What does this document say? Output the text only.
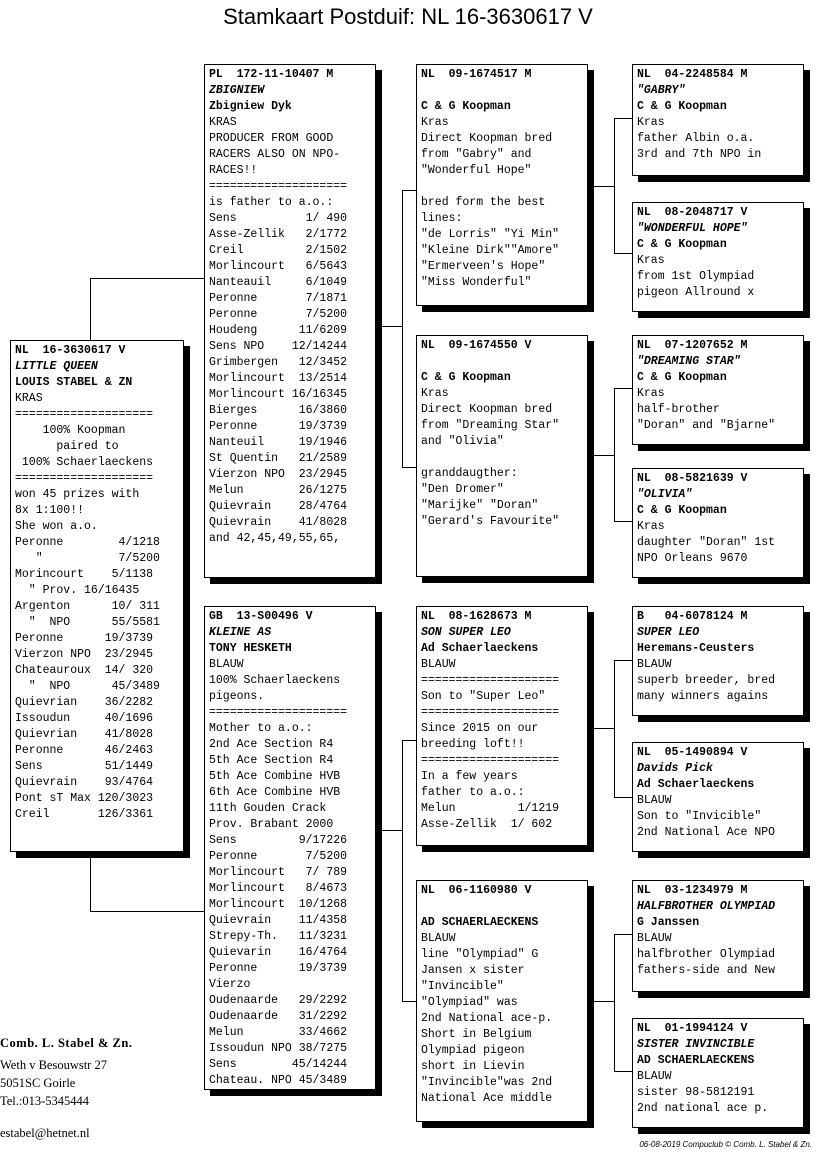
Stamkaart Postduif: NL 16-3630617 V
NL  16-3630617 V
LITTLE QUEEN
LOUIS STABEL & ZN
KRAS
====================
100% Koopman
paired to
100% Schaerlaeckens
====================
won 45 prizes with
8x 1:100!!
She won a.o.
Peronne        4/1218
"           7/5200
Morincourt    5/1138
" Prov. 16/16435
Argenton      10/ 311
"  NPO      55/5581
Peronne      19/3739
Vierzon NPO  23/2945
Chateauroux  14/ 320
"  NPO      45/3489
Quievrian    36/2282
Issoudun     40/1696
Quievrian    41/8028
Peronne      46/2463
Sens         51/1449
Quievrain    93/4764
Pont sT Max 120/3023
Creil       126/3361
PL  172-11-10407 M
ZBIGNIEW
Zbigniew Dyk
KRAS
PRODUCER FROM GOOD
RACERS ALSO ON NPO-
RACES!!
====================
is father to a.o.:
Sens          1/ 490
Asse-Zellik   2/1772
Creil         2/1502
Morlincourt   6/5643
Nanteauil     6/1049
Peronne       7/1871
Peronne       7/5200
Houdeng      11/6209
Sens NPO    12/14244
Grimbergen   12/3452
Morlincourt  13/2514
Morlincourt 16/16345
Bierges      16/3860
Peronne      19/3739
Nanteuil     19/1946
St Quentin   21/2589
Vierzon NPO  23/2945
Melun        26/1275
Quievrain    28/4764
Quievrain    41/8028
and 42,45,49,55,65,
GB  13-S00496 V
KLEINE AS
TONY HESKETH
BLAUW
100% Schaerlaeckens
pigeons.
====================
Mother to a.o.:
2nd Ace Section R4
5th Ace Section R4
5th Ace Combine HVB
6th Ace Combine HVB
11th Gouden Crack
Prov. Brabant 2000
Sens         9/17226
Peronne       7/5200
Morlincourt   7/ 789
Morlincourt   8/4673
Morlincourt  10/1268
Quievrain    11/4358
Strepy-Th.   11/3231
Quievarin    16/4764
Peronne      19/3739
Vierzo
Oudenaarde   29/2292
Oudenaarde   31/2292
Melun        33/4662
Issoudun NPO 38/7275
Sens        45/14244
Chateau. NPO 45/3489
NL  09-1674517 M
C & G Koopman
Kras
Direct Koopman bred
from "Gabry" and
"Wonderful Hope"
bred form the best
lines:
"de Lorris" "Yi Min"
"Kleine Dirk""Amore"
"Ermerveen's Hope"
"Miss Wonderful"
NL  09-1674550 V
C & G Koopman
Kras
Direct Koopman bred
from "Dreaming Star"
and "Olivia"
granddaugther:
"Den Dromer"
"Marijke" "Doran"
"Gerard's Favourite"
NL  08-1628673 M
SON SUPER LEO
Ad Schaerlaeckens
BLAUW
====================
Son to "Super Leo"
====================
Since 2015 on our
breeding loft!!
====================
In a few years
father to a.o.:
Melun         1/1219
Asse-Zellik  1/ 602
NL  06-1160980 V
AD SCHAERLAECKENS
BLAUW
line "Olympiad" G
Jansen x sister
"Invincible"
"Olympiad" was
2nd National ace-p.
Short in Belgium
Olympiad pigeon
short in Lievin
"Invincible"was 2nd
National Ace middle
NL  04-2248584 M
"GABRY"
C & G Koopman
Kras
father Albin o.a.
3rd and 7th NPO in
NL  08-2048717 V
"WONDERFUL HOPE"
C & G Koopman
Kras
from 1st Olympiad
pigeon Allround x
NL  07-1207652 M
"DREAMING STAR"
C & G Koopman
Kras
half-brother
"Doran" and "Bjarne"
NL  08-5821639 V
"OLIVIA"
C & G Koopman
Kras
daughter "Doran" 1st
NPO Orleans 9670
B   04-6078124 M
SUPER LEO
Heremans-Ceusters
BLAUW
superb breeder, bred
many winners agains
NL  05-1490894 V
Davids Pick
Ad Schaerlaeckens
BLAUW
Son to "Invicible"
2nd National Ace NPO
NL  03-1234979 M
HALFBROTHER OLYMPIAD
G Janssen
BLAUW
halfbrother Olympiad
fathers-side and New
NL  01-1994124 V
SISTER INVINCIBLE
AD SCHAERLAECKENS
BLAUW
sister 98-5812191
2nd national ace p.
Comb. L. Stabel & Zn.
Weth v Besouwstr 27
5051SC Goirle
Tel.:013-5345444
estabel@hetnet.nl
06-08-2019 Compuclub © Comb. L. Stabel & Zn.
